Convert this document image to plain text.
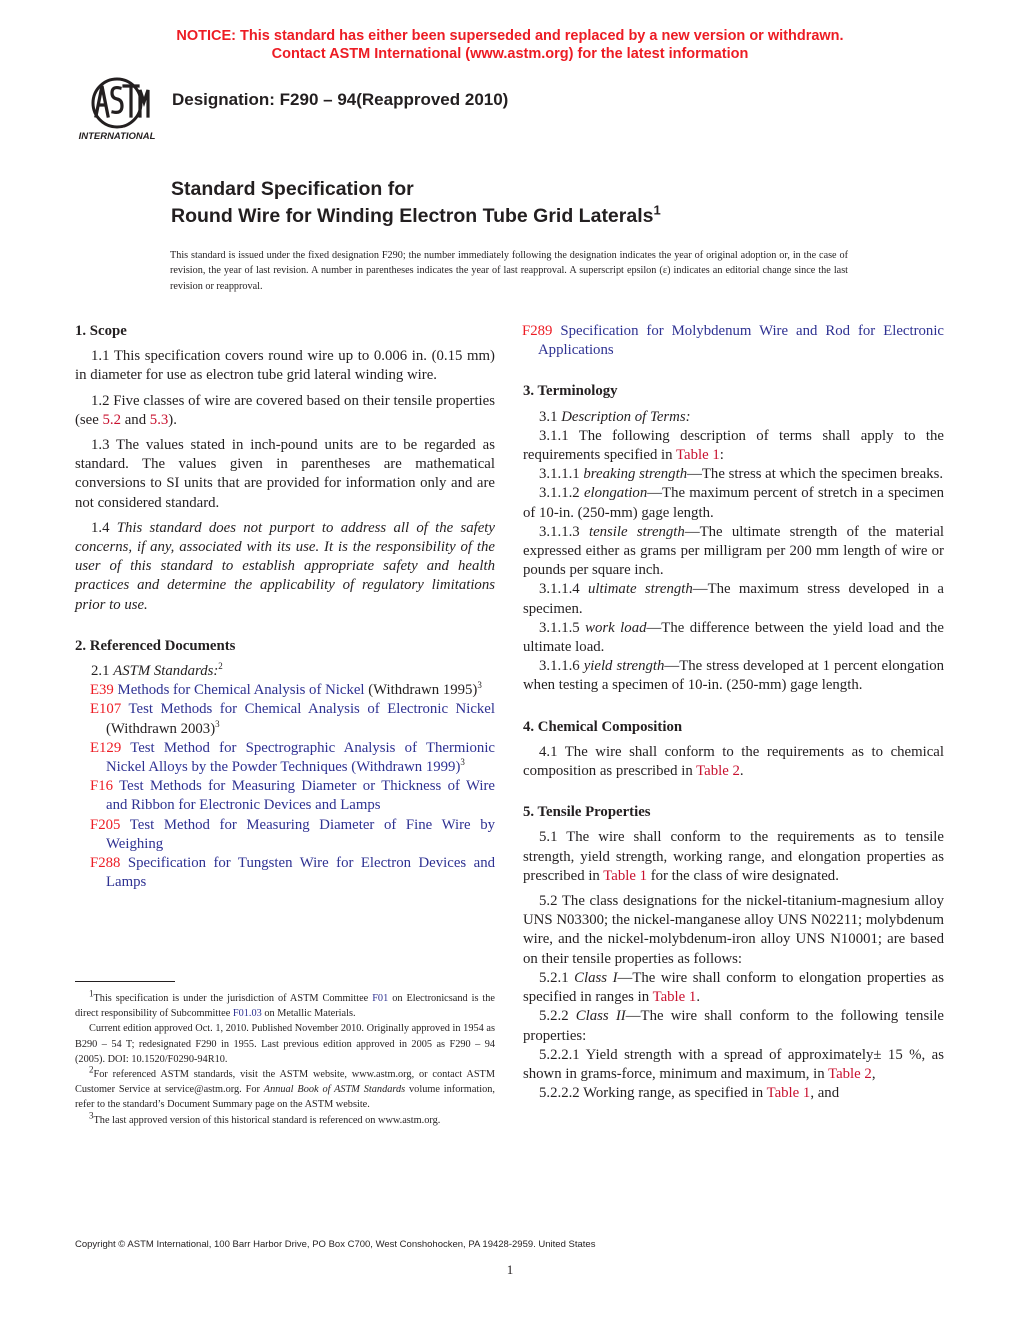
NOTICE: This standard has either been superseded and replaced by a new version or withdrawn.
Contact ASTM International (www.astm.org) for the latest information
INTERNATIONAL
Designation: F290 – 94(Reapproved 2010)
Standard Specification for
Round Wire for Winding Electron Tube Grid Laterals$^1$

This standard is issued under the fixed designation F290; the number immediately following the designation indicates the year of original adoption or, in the case of revision, the year of last revision. A number in parentheses indicates the year of last reapproval. A superscript epsilon (ε) indicates an editorial change since the last revision or reapproval.

1. Scope

1.1 This specification covers round wire up to 0.006 in. (0.15 mm) in diameter for use as electron tube grid lateral winding wire.

1.2 Five classes of wire are covered based on their tensile properties (see 5.2 and 5.3).

1.3 The values stated in inch-pound units are to be regarded as standard. The values given in parentheses are mathematical conversions to SI units that are provided for information only and are not considered standard.

1.4 This standard does not purport to address all of the safety concerns, if any, associated with its use. It is the responsibility of the user of this standard to establish appropriate safety and health practices and determine the applicability of regulatory limitations prior to use.

2. Referenced Documents

2.1 ASTM Standards:$^2$

E39 Methods for Chemical Analysis of Nickel (Withdrawn 1995)$^3$

E107 Test Methods for Chemical Analysis of Electronic Nickel (Withdrawn 2003)$^3$

E129 Test Method for Spectrographic Analysis of Thermionic Nickel Alloys by the Powder Techniques (Withdrawn 1999)$^3$

F16 Test Methods for Measuring Diameter or Thickness of Wire and Ribbon for Electronic Devices and Lamps

F205 Test Method for Measuring Diameter of Fine Wire by Weighing

F288 Specification for Tungsten Wire for Electron Devices and Lamps

F289 Specification for Molybdenum Wire and Rod for Electronic Applications

3. Terminology

3.1 Description of Terms:

3.1.1 The following description of terms shall apply to the requirements specified in Table 1:

3.1.1.1 breaking strength—The stress at which the specimen breaks.

3.1.1.2 elongation—The maximum percent of stretch in a specimen of 10-in. (250-mm) gage length.

3.1.1.3 tensile strength—The ultimate strength of the material expressed either as grams per milligram per 200 mm length of wire or pounds per square inch.

3.1.1.4 ultimate strength—The maximum stress developed in a specimen.

3.1.1.5 work load—The difference between the yield load and the ultimate load.

3.1.1.6 yield strength—The stress developed at 1 percent elongation when testing a specimen of 10-in. (250-mm) gage length.

4. Chemical Composition

4.1 The wire shall conform to the requirements as to chemical composition as prescribed in Table 2.

5. Tensile Properties

5.1 The wire shall conform to the requirements as to tensile strength, yield strength, working range, and elongation properties as prescribed in Table 1 for the class of wire designated.

5.2 The class designations for the nickel-titanium-magnesium alloy UNS N03300; the nickel-manganese alloy UNS N02211; molybdenum wire, and the nickel-molybdenum-iron alloy UNS N10001; are based on their tensile properties as follows:

5.2.1 Class I—The wire shall conform to elongation properties as specified in ranges in Table 1.

5.2.2 Class II—The wire shall conform to the following tensile properties:

5.2.2.1 Yield strength with a spread of approximately± 15 %, as shown in grams-force, minimum and maximum, in Table 2,

5.2.2.2 Working range, as specified in Table 1, and

$^1$This specification is under the jurisdiction of ASTM Committee F01 on Electronicsand is the direct responsibility of Subcommittee F01.03 on Metallic Materials.

Current edition approved Oct. 1, 2010. Published November 2010. Originally approved in 1954 as B290 – 54 T; redesignated F290 in 1955. Last previous edition approved in 2005 as F290 – 94 (2005). DOI: 10.1520/F0290-94R10.

$^2$For referenced ASTM standards, visit the ASTM website, www.astm.org, or contact ASTM Customer Service at service@astm.org. For Annual Book of ASTM Standards volume information, refer to the standard’s Document Summary page on the ASTM website.

$^3$The last approved version of this historical standard is referenced on www.astm.org.

Copyright © ASTM International, 100 Barr Harbor Drive, PO Box C700, West Conshohocken, PA 19428-2959. United States
1
